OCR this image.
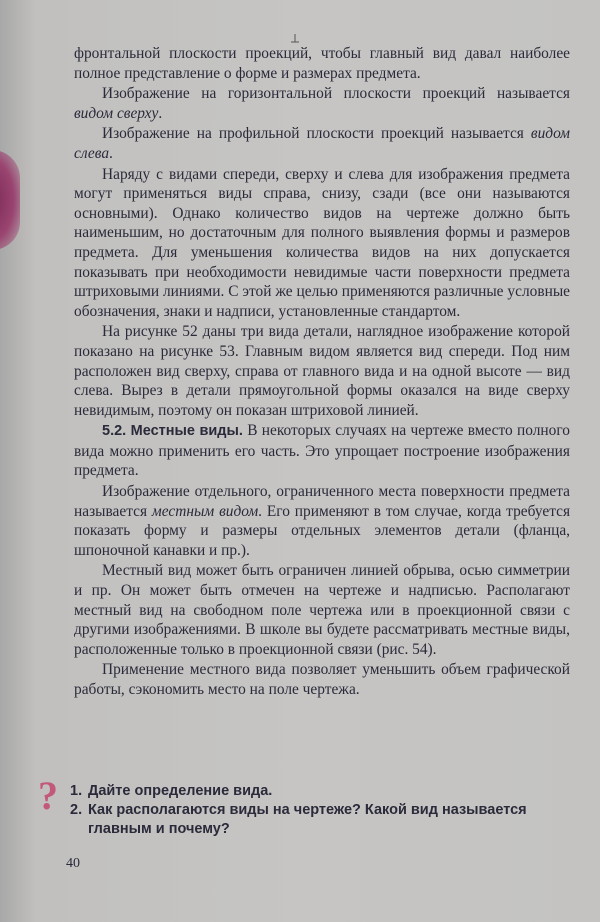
фронтальной плоскости проекций, чтобы главный вид давал наиболее полное представление о форме и размерах предмета.

Изображение на горизонтальной плоскости проекций называется видом сверху.

Изображение на профильной плоскости проекций называется видом слева.

Наряду с видами спереди, сверху и слева для изображения предмета могут применяться виды справа, снизу, сзади (все они называются основными). Однако количество видов на чертеже должно быть наименьшим, но достаточным для полного выявления формы и размеров предмета. Для уменьшения количества видов на них допускается показывать при необходимости невидимые части поверхности предмета штриховыми линиями. С этой же целью применяются различные условные обозначения, знаки и надписи, установленные стандартом.

На рисунке 52 даны три вида детали, наглядное изображение которой показано на рисунке 53. Главным видом является вид спереди. Под ним расположен вид сверху, справа от главного вида и на одной высоте — вид слева. Вырез в детали прямоугольной формы оказался на виде сверху невидимым, поэтому он показан штриховой линией.

5.2. Местные виды. В некоторых случаях на чертеже вместо полного вида можно применить его часть. Это упрощает построение изображения предмета.

Изображение отдельного, ограниченного места поверхности предмета называется местным видом. Его применяют в том случае, когда требуется показать форму и размеры отдельных элементов детали (фланца, шпоночной канавки и пр.).

Местный вид может быть ограничен линией обрыва, осью симметрии и пр. Он может быть отмечен на чертеже и надписью. Располагают местный вид на свободном поле чертежа или в проекционной связи с другими изображениями. В школе вы будете рассматривать местные виды, расположенные только в проекционной связи (рис. 54).

Применение местного вида позволяет уменьшить объем графической работы, сэкономить место на поле чертежа.

? 1. Дайте определение вида.
2. Как располагаются виды на чертеже? Какой вид называется главным и почему?
40
